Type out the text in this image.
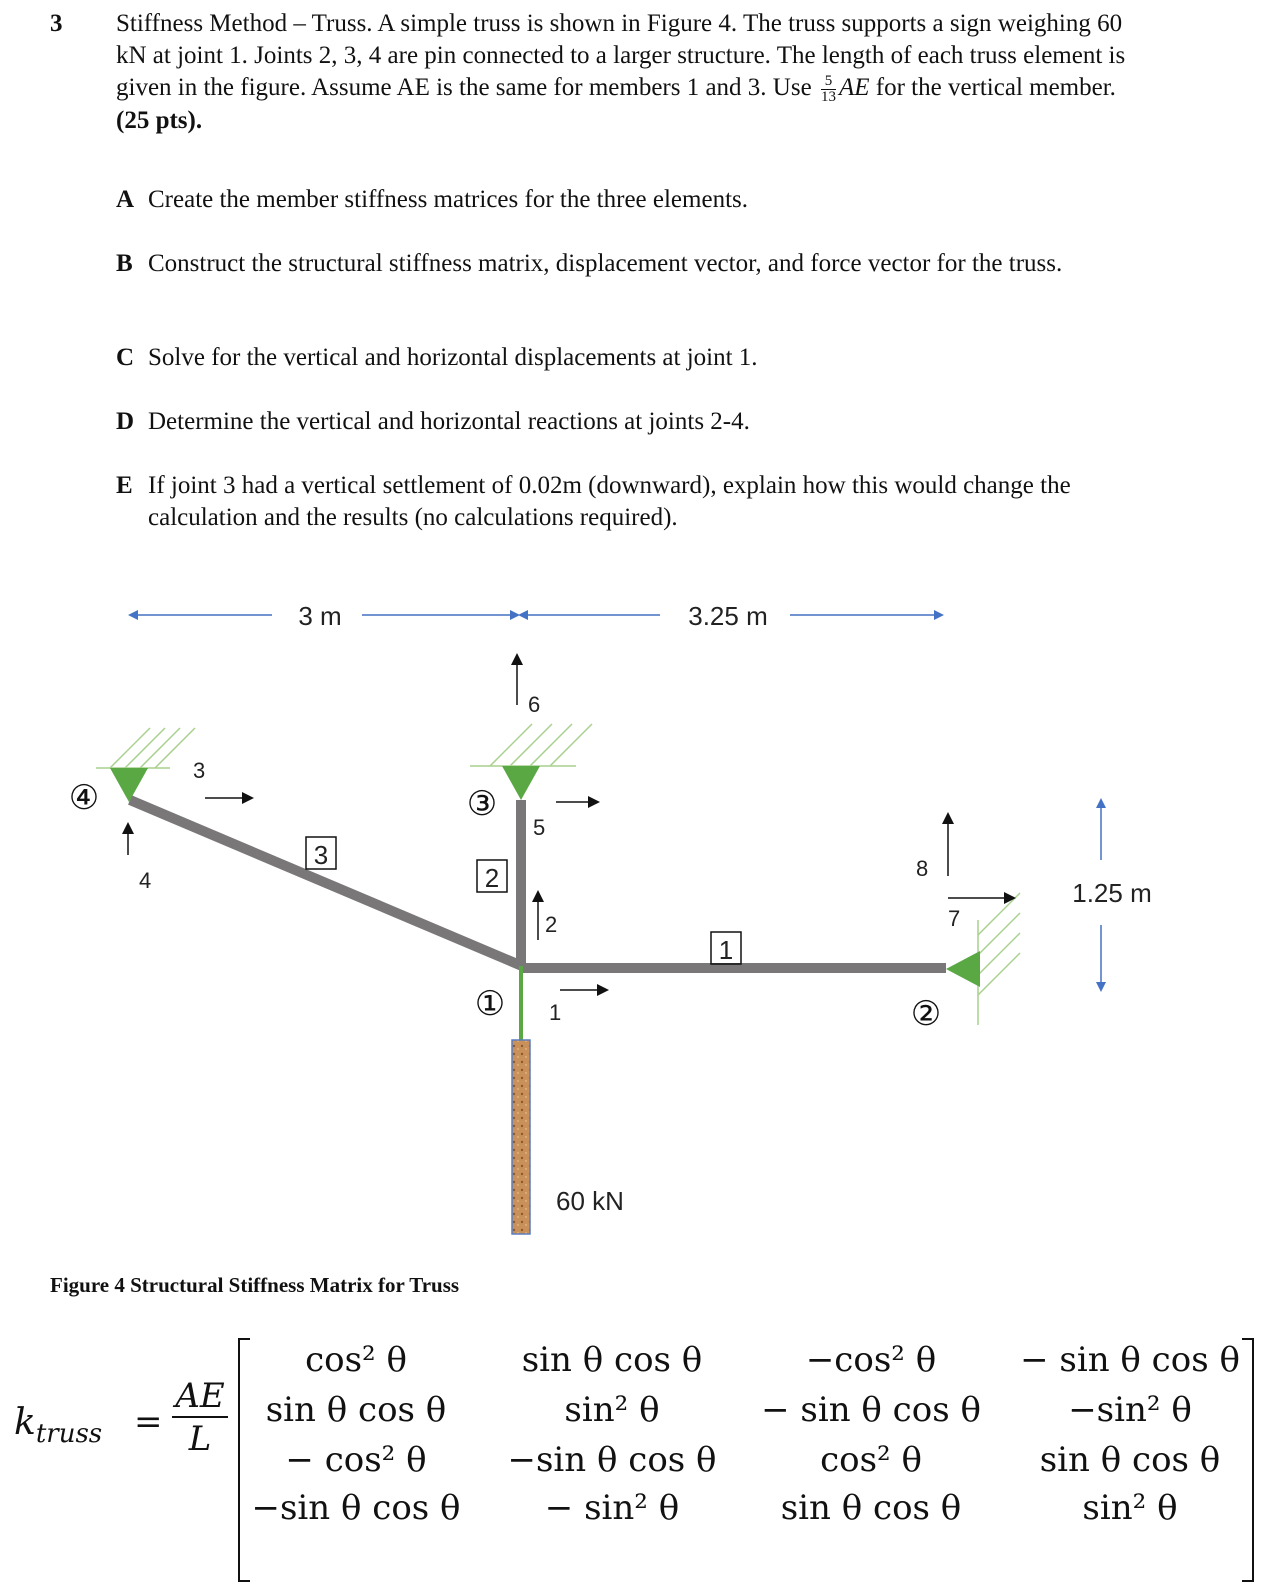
3 Stiffness Method – Truss. A simple truss is shown in Figure 4. The truss supports a sign weighing 60 kN at joint 1. Joints 2, 3, 4 are pin connected to a larger structure. The length of each truss element is given in the figure. Assume AE is the same for members 1 and 3. Use $\frac{5}{13}$ AE for the vertical member. (25 pts).
A Create the member stiffness matrices for the three elements.
B Construct the structural stiffness matrix, displacement vector, and force vector for the truss.
C Solve for the vertical and horizontal displacements at joint 1.
D Determine the vertical and horizontal reactions at joints 2-4.
E If joint 3 had a vertical settlement of 0.02m (downward), explain how this would change the calculation and the results (no calculations required).
3 m	3.25 m
1.25 m
1
2
3
4
5
6
7
8
④	③
①	②
3
2
1
60 kN
Figure 4 Structural Stiffness Matrix for Truss
$k_{truss} = \frac{AE}{L}$
cos² θ	sin θ cos θ	−cos² θ	− sin θ cos θ
sin θ cos θ	sin² θ	− sin θ cos θ	−sin² θ
− cos² θ	−sin θ cos θ	cos² θ	sin θ cos θ
−sin θ cos θ	− sin² θ	sin θ cos θ	sin² θ
